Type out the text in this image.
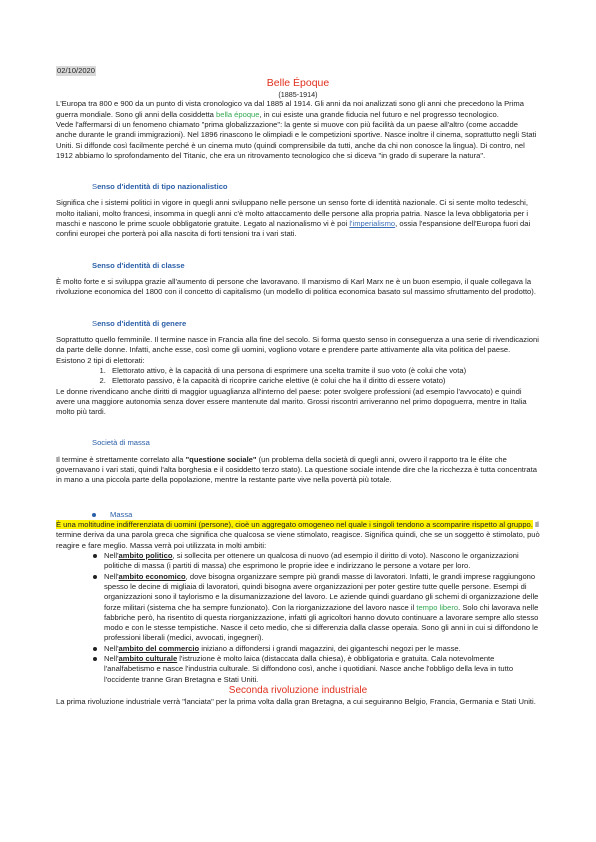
02/10/2020
Belle Époque
(1885-1914)

L'Europa tra 800 e 900 da un punto di vista cronologico va dal 1885 al 1914. Gli anni da noi analizzati sono gli anni che precedono la Prima guerra mondiale. Sono gli anni della cosiddetta bella époque, in cui esiste una grande fiducia nel futuro e nel progresso tecnologico.

Vede l'affermarsi di un fenomeno chiamato "prima globalizzazione": la gente si muove con più facilità da un paese all'altro (come accadde anche durante le grandi immigrazioni). Nel 1896 rinascono le olimpiadi e le competizioni sportive. Nasce inoltre il cinema, soprattutto negli Stati Uniti. Si diffonde così facilmente perché è un cinema muto (quindi comprensibile da tutti, anche da chi non conosce la lingua). Di contro, nel 1912 abbiamo lo sprofondamento del Titanic, che era un ritrovamento tecnologico che si diceva "in grado di superare la natura".

Senso d'identità di tipo nazionalistico

Significa che i sistemi politici in vigore in quegli anni sviluppano nelle persone un senso forte di identità nazionale. Ci si sente molto tedeschi, molto italiani, molto francesi, insomma in quegli anni c'è molto attaccamento delle persone alla propria patria. Nasce la leva obbligatoria per i maschi e nascono le prime scuole obbligatorie gratuite. Legato al nazionalismo vi è poi l'imperialismo, ossia l'espansione dell'Europa fuori dai confini europei che porterà poi alla nascita di forti tensioni tra i vari stati.

Senso d'identità di classe

È molto forte e si sviluppa grazie all'aumento di persone che lavoravano. Il marxismo di Karl Marx ne è un buon esempio, il quale collegava la rivoluzione economica del 1800 con il concetto di capitalismo (un modello di politica economica basato sul massimo sfruttamento del prodotto).

Senso d'identità di genere

Soprattutto quello femminile. Il termine nasce in Francia alla fine del secolo. Si forma questo senso in conseguenza a una serie di rivendicazioni da parte delle donne. Infatti, anche esse, così come gli uomini, vogliono votare e prendere parte attivamente alla vita politica del paese. Esistono 2 tipi di elettorati:

1. Elettorato attivo, è la capacità di una persona di esprimere una scelta tramite il suo voto (è colui che vota)
2. Elettorato passivo, è la capacità di ricoprire cariche elettive (è colui che ha il diritto di essere votato)

Le donne rivendicano anche diritti di maggior uguaglianza all'interno del paese: poter svolgere professioni (ad esempio l'avvocato) e quindi avere una maggiore autonomia senza dover essere mantenute dal marito. Grossi riscontri arriveranno nel primo dopoguerra, mentre in Italia molto più tardi.

Società di massa

Il termine è strettamente correlato alla "questione sociale" (un problema della società di quegli anni, ovvero il rapporto tra le élite che governavano i vari stati, quindi l'alta borghesia e il cosiddetto terzo stato). La questione sociale intende dire che la ricchezza è tutta concentrata in mano a una piccola parte della popolazione, mentre la restante parte vive nella povertà più totale.

Massa

È una moltitudine indifferenziata di uomini (persone), cioè un aggregato omogeneo nel quale i singoli tendono a scomparire rispetto al gruppo. Il termine deriva da una parola greca che significa che qualcosa se viene stimolato, reagisce. Significa quindi, che se un soggetto è stimolato, può reagire e fare meglio. Massa verrà poi utilizzata in molti ambiti:

Nell'ambito politico, si sollecita per ottenere un qualcosa di nuovo (ad esempio il diritto di voto). Nascono le organizzazioni politiche di massa (i partiti di massa) che esprimono le proprie idee e indirizzano le persone a votare per loro.
Nell'ambito economico, dove bisogna organizzare sempre più grandi masse di lavoratori. Infatti, le grandi imprese raggiungono spesso le decine di migliaia di lavoratori, quindi bisogna avere organizzazioni per poter gestire tutte quelle persone. Esempi di organizzazioni sono il taylorismo e la disumanizzazione del lavoro. Le aziende quindi guardano gli schemi di organizzazione delle forze militari (sistema che ha sempre funzionato). Con la riorganizzazione del lavoro nasce il tempo libero. Solo chi lavorava nelle fabbriche però, ha risentito di questa riorganizzazione, infatti gli agricoltori hanno dovuto continuare a lavorare sempre allo stesso modo e con le stesse tempistiche. Nasce il ceto medio, che si differenzia dalla classe operaia. Sono gli anni in cui si diffondono le professioni liberali (medici, avvocati, ingegneri).
Nell'ambito del commercio iniziano a diffondersi i grandi magazzini, dei giganteschi negozi per le masse.
Nell'ambito culturale l'istruzione è molto laica (distaccata dalla chiesa), è obbligatoria e gratuita. Cala notevolmente l'analfabetismo e nasce l'industria culturale. Si diffondono così, anche i quotidiani. Nasce anche l'obbligo della leva in tutto l'occidente tranne Gran Bretagna e Stati Uniti.
Seconda rivoluzione industriale

La prima rivoluzione industriale verrà "lanciata" per la prima volta dalla gran Bretagna, a cui seguiranno Belgio, Francia, Germania e Stati Uniti.
